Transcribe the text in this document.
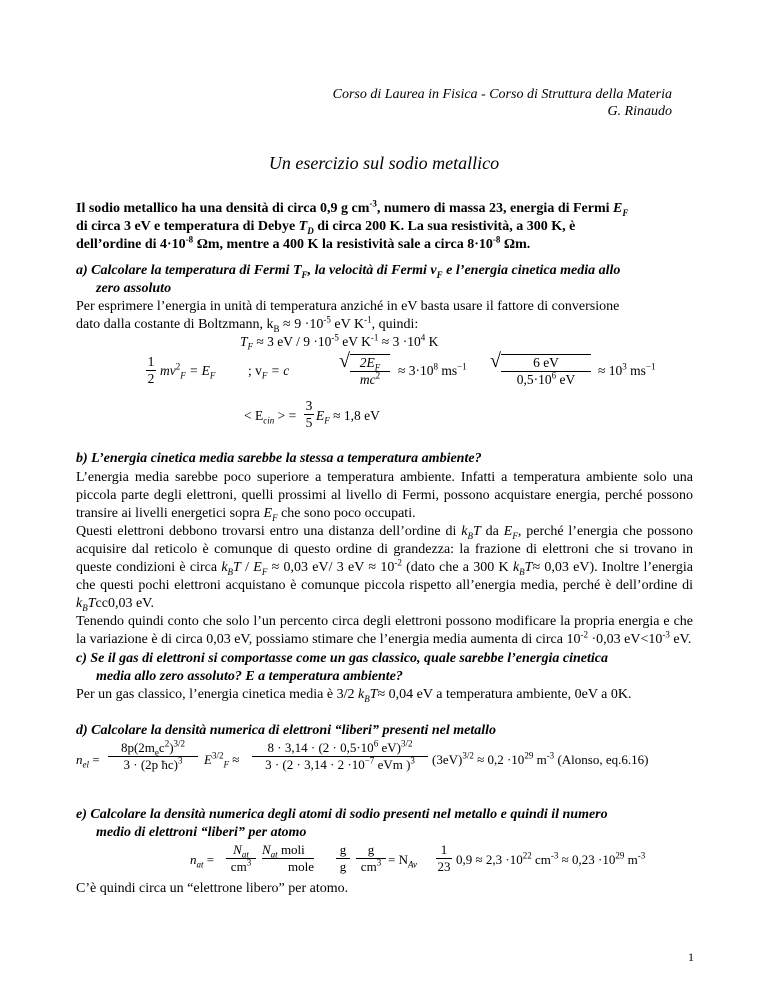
Corso di Laurea in Fisica - Corso di Struttura della Materia
G. Rinaudo
Un esercizio sul sodio metallico
Il sodio metallico ha una densità di circa 0,9 g $cm^{-3}$, numero di massa 23, energia di Fermi $E_F$
di circa 3 eV e temperatura di Debye $T_D$ di circa 200 K. La sua resistività, a 300 K, è
dell’ordine di $4\cdot 10^{-8}$ Ωm, mentre a 400 K la resistività sale a circa $8\cdot 10^{-8}$ Ωm.
a) Calcolare la temperatura di Fermi $T_F$, la velocità di Fermi $v_F$ e l’energia cinetica media allo
zero assoluto
Per esprimere l’energia in unità di temperatura anziché in eV basta usare il fattore di conversione
dato dalla costante di Boltzmann, $k_B \approx 9 \cdot 10^{-5}$ eV $K^{-1}$, quindi:
$T_F \approx 3$ eV / $9 \cdot 10^{-5}$ eV $K^{-1} \approx 3 \cdot 10^4$ K
1
2
$mv^2_F = E_F$ ; $v_F = c$ √ $2E_F$
$mc^2$	≈ $3\cdot 10^8$ $ms^{-1}$ √	6 eV
$0,5\cdot 10^6$ eV
≈ $10^3$ $ms^{-1}$
< $E_{cin}$ > =
3
5 $E_F \approx 1,8$ eV
b) L’energia cinetica media sarebbe la stessa a temperatura ambiente?
L’energia media sarebbe poco superiore a temperatura ambiente. Infatti a temperatura ambiente solo una piccola parte degli elettroni, quelli prossimi al livello di Fermi, possono acquistare energia, perché possono transire ai livelli energetici sopra $E_F$ che sono poco occupati.
Questi elettroni debbono trovarsi entro una distanza dell’ordine di $k_BT$ da $E_F$, perché l’energia che possono acquisire dal reticolo è comunque di questo ordine di grandezza: la frazione di elettroni che si trovano in queste condizioni è circa $k_BT / E_F \approx 0,03$ eV/ 3 eV ≈ $10^{-2}$ (dato che a 300 K $k_BT\approx 0,03$ eV). Inoltre l’energia che questi pochi elettroni acquistano è comunque piccola rispetto all’energia media, perché è dell’ordine di $k_BTcc0,03$ eV.
Tenendo quindi conto che solo l’un percento circa degli elettroni possono modificare la propria energia e che la variazione è di circa 0,03 eV, possiamo stimare che l’energia media aumenta di circa $10^{-2} \cdot 0,03$ $eV<10^{-3}$ eV.
c) Se il gas di elettroni si comportasse come un gas classico, quale sarebbe l’energia cinetica
media allo zero assoluto? E a temperatura ambiente?
Per un gas classico, l’energia cinetica media è 3/2 $k_BT\approx 0,04$ eV a temperatura ambiente, 0eV a 0K.
d) Calcolare la densità numerica di elettroni “liberi” presenti nel metallo
$n_{el}$ =
$8p(2m_ec^2)^{3/2}$
3 · (2p ħc)$^3$	$E^{3/2}_F$ ≈
$8 \cdot 3,14 \cdot (2 \cdot 0,5\cdot 10^6$ eV)$^{3/2}$
$3 \cdot (2 \cdot 3,14 \cdot 2 \cdot 10^{-7}$ eVm )$^3$	$(3eV)^{3/2} \approx 0,2 \cdot 10^{29}$ $m^{-3}$ (Alonso, eq.6.16)
e) Calcolare la densità numerica degli atomi di sodio presenti nel metallo e quindi il numero
medio di elettroni “liberi” per atomo
$n_{at}$ =
$N_{at}$
$cm^3$
$N_{at}$ moli
mole
g
g
g
$cm^3 = N_{Av}$
1
23 $0,9 \approx 2,3 \cdot 10^{22}$ $cm^{-3} \approx 0,23 \cdot 10^{29}$ $m^{-3}$
C’è quindi circa un “elettrone libero” per atomo.
1
